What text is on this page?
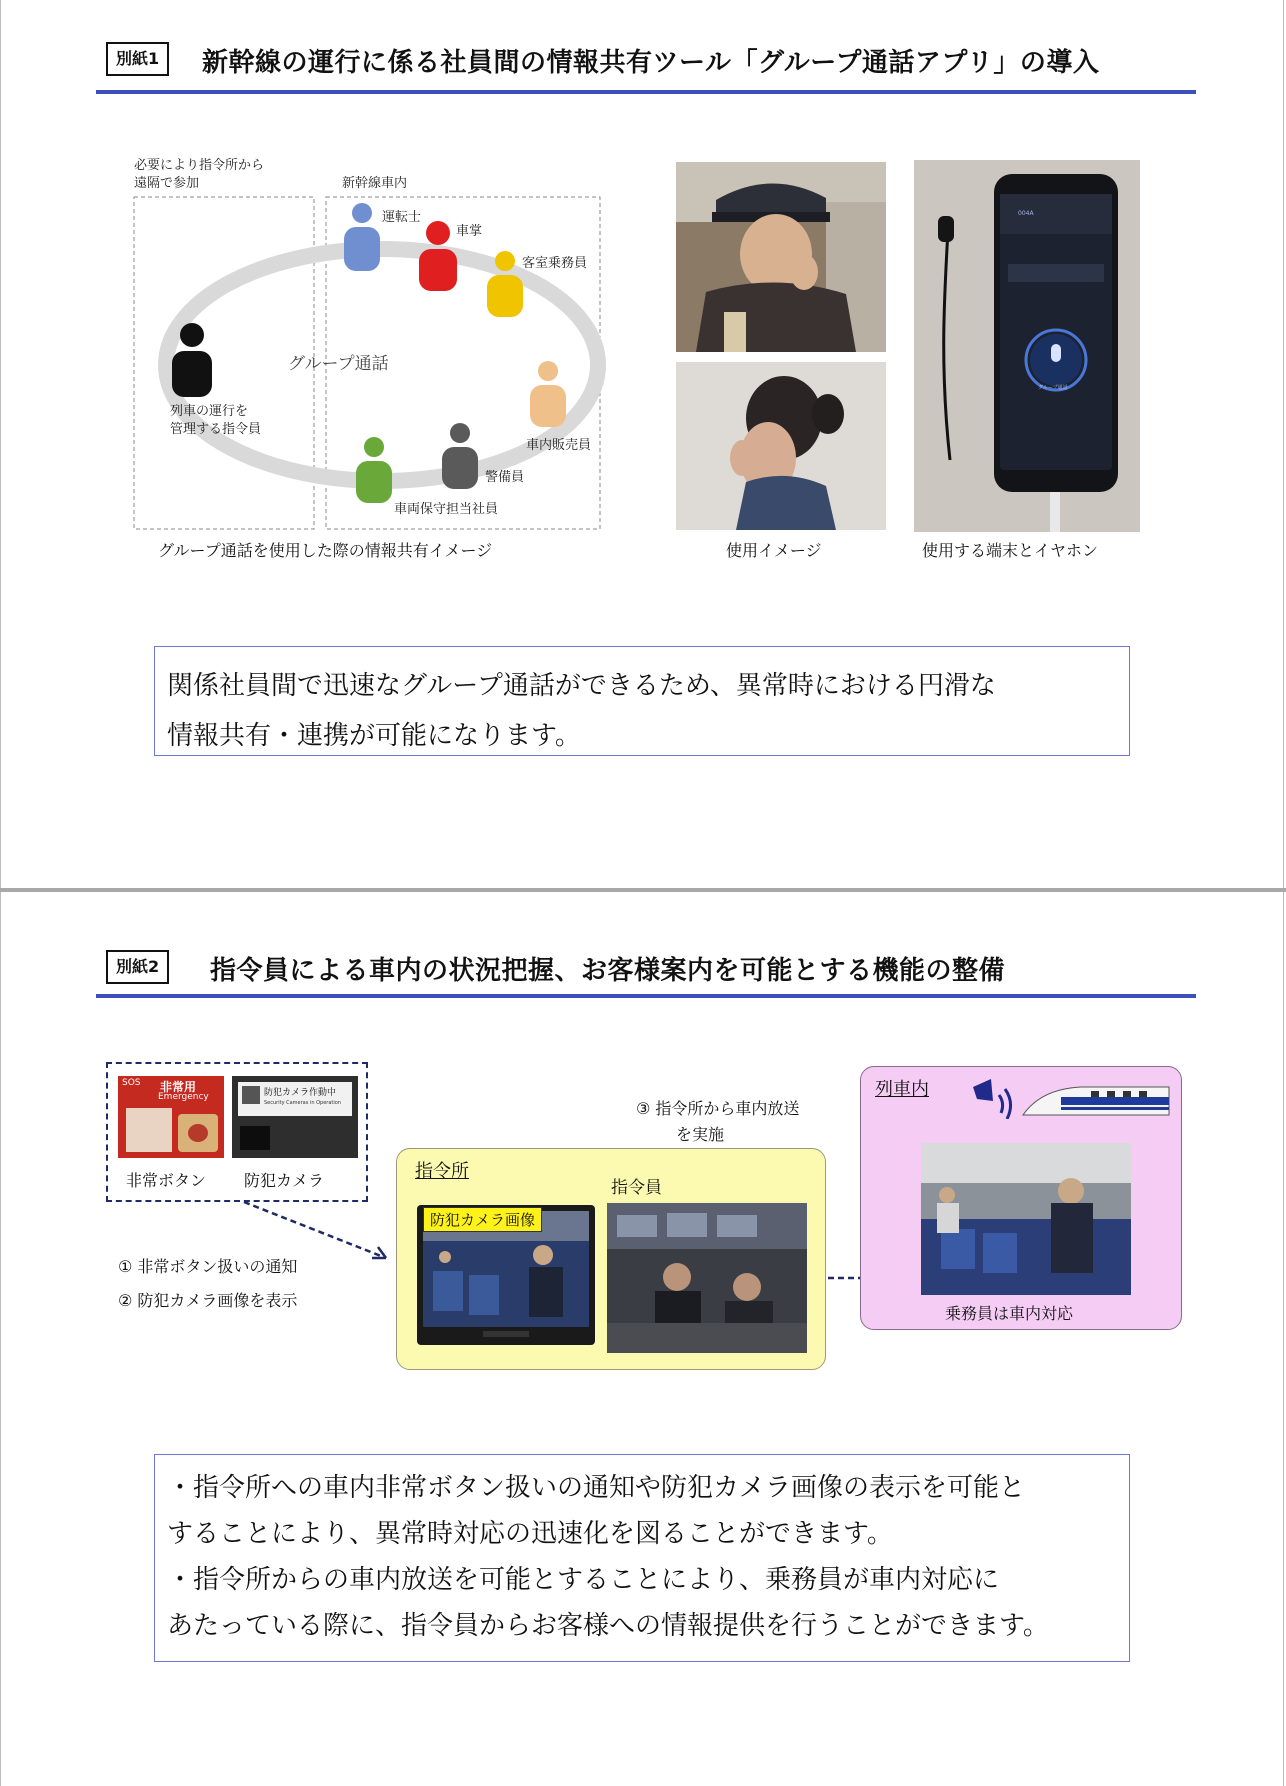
別紙1	新幹線の運行に係る社員間の情報共有ツール「グループ通話アプリ」の導入
必要により指令所から
遠隔で参加	新幹線車内
グループ通話
列車の運行を
管理する指令員
運転士
車掌
客室乗務員
車内販売員
警備員
車両保守担当社員
グループ通話を使用した際の情報共有イメージ
004A
グループ通話
使用イメージ	使用する端末とイヤホン

関係社員間で迅速なグループ通話ができるため、異常時における円滑な

情報共有・連携が可能になります。

別紙2	指令員による車内の状況把握、お客様案内を可能とする機能の整備
SOS 非常用
Emergency	防犯カメラ作動中
Security Cameras in Operation
非常ボタン 防犯カメラ
① 非常ボタン扱いの通知
② 防犯カメラ画像を表示
③ 指令所から車内放送
を実施
指令所
指令員
防犯カメラ画像
列車内
乗務員は車内対応

・指令所への車内非常ボタン扱いの通知や防犯カメラ画像の表示を可能と

することにより、異常時対応の迅速化を図ることができます。

・指令所からの車内放送を可能とすることにより、乗務員が車内対応に

あたっている際に、指令員からお客様への情報提供を行うことができます。
